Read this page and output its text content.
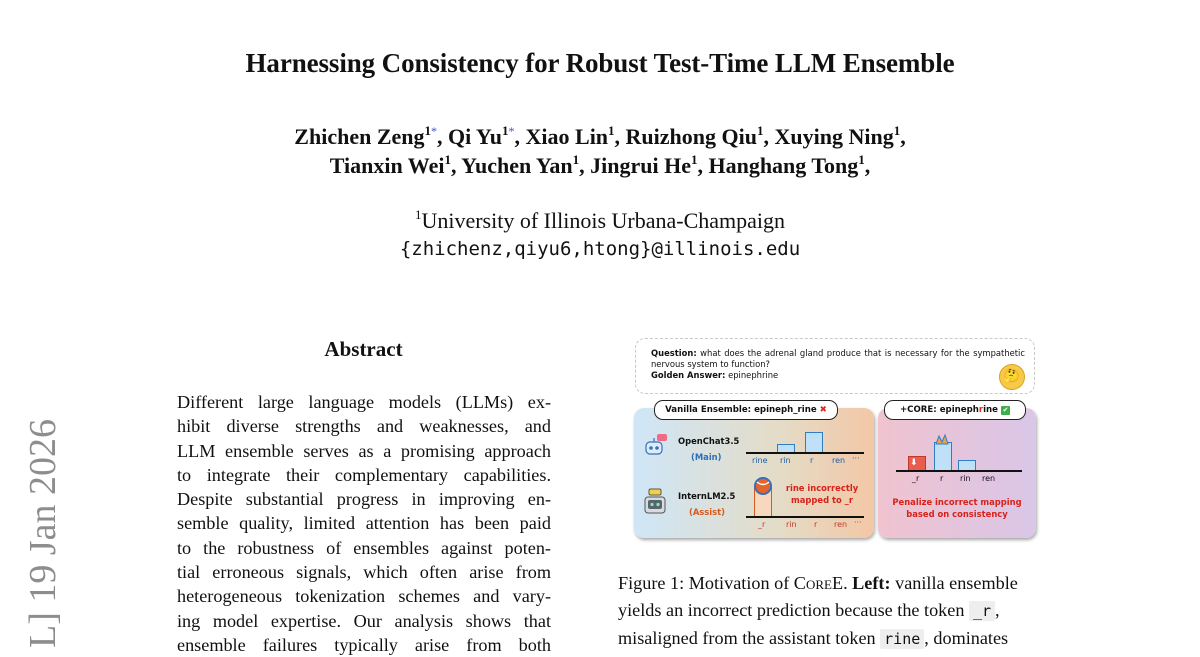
Harnessing Consistency for Robust Test-Time LLM Ensemble
Zhichen Zeng$^{1*}$, Qi $Yu^{1*}$, Xiao Lin$^1$, Ruizhong Qiu$^1$, Xuying Ning$^1$,
Tianxin Wei$^1$, Yuchen Yan$^1$, Jingrui He$^1$, Hanghang Tong$^1$,
$^1$University of Illinois Urbana-Champaign
{zhichenz,qiyu6,htong}@illinois.edu
L] 19 Jan 2026
Abstract
Different large language models (LLMs) ex-
hibit diverse strengths and weaknesses, and
LLM ensemble serves as a promising approach
to integrate their complementary capabilities.
Despite substantial progress in improving en-
semble quality, limited attention has been paid
to the robustness of ensembles against poten-
tial erroneous signals, which often arise from
heterogeneous tokenization schemes and vary-
ing model expertise. Our analysis shows that
ensemble failures typically arise from both
Question: what does the adrenal gland produce that is necessary for the sympathetic nervous system to function?
Golden Answer: epinephrine	🤔
OpenChat3.5
(Main)	rine rin r ren ···
InternLM2.5
(Assist)
rine incorrectly mapped to _r
_r	rin r ren ···
Vanilla Ensemble: epineph_rine ✖
⬇
_r	r rin ren
Penalize incorrect mapping based on consistency
+CORE: epinephrine ✔
Figure 1: Motivation of CoreE. Left: vanilla ensemble
yields an incorrect prediction because the token _r ,
misaligned from the assistant token rine , dominates
